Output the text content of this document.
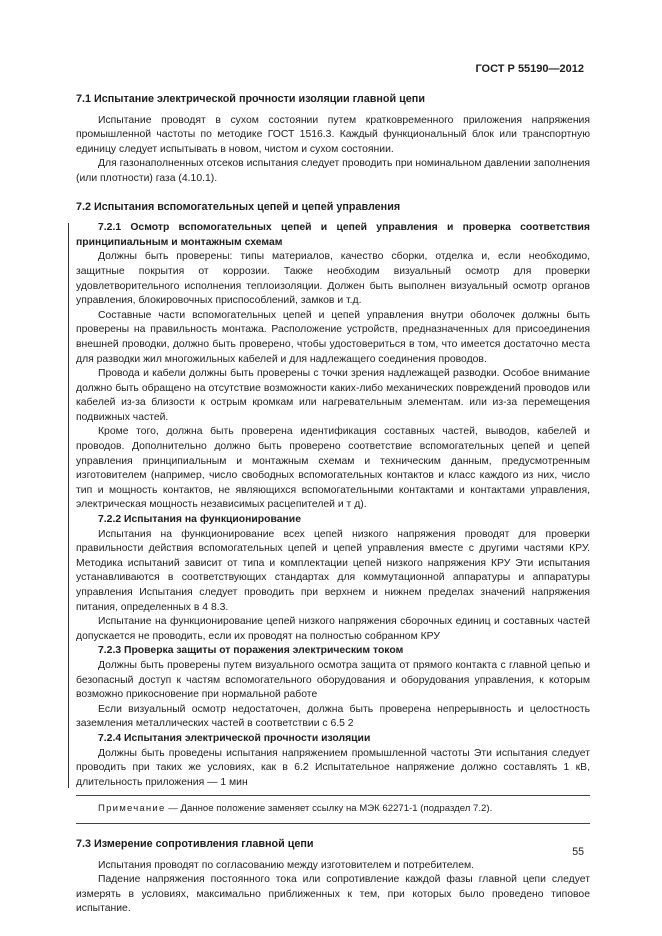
ГОСТ Р 55190—2012
7.1 Испытание электрической прочности изоляции главной цепи

Испытание проводят в сухом состоянии путем кратковременного приложения напряжения промышленной частоты по методике ГОСТ 1516.3. Каждый функциональный блок или транспортную единицу следует испытывать в новом, чистом и сухом состоянии.

Для газонаполненных отсеков испытания следует проводить при номинальном давлении заполнения (или плотности) газа (4.10.1).

7.2 Испытания вспомогательных цепей и цепей управления
7.2.1 Осмотр вспомогательных цепей и цепей управления и проверка соответствия принципиальным и монтажным схемам

Должны быть проверены: типы материалов, качество сборки, отделка и, если необходимо, защитные покрытия от коррозии. Также необходим визуальный осмотр для проверки удовлетворительного исполнения теплоизоляции. Должен быть выполнен визуальный осмотр органов управления, блокировочных приспособлений, замков и т.д.

Составные части вспомогательных цепей и цепей управления внутри оболочек должны быть проверены на правильность монтажа. Расположение устройств, предназначенных для присоединения внешней проводки, должно быть проверено, чтобы удостовериться в том, что имеется достаточно места для разводки жил многожильных кабелей и для надлежащего соединения проводов.

Провода и кабели должны быть проверены с точки зрения надлежащей разводки. Особое внимание должно быть обращено на отсутствие возможности каких-либо механических повреждений проводов или кабелей из-за близости к острым кромкам или нагревательным элементам. или из-за перемещения подвижных частей.

Кроме того, должна быть проверена идентификация составных частей, выводов, кабелей и проводов. Дополнительно должно быть проверено соответствие вспомогательных цепей и цепей управления принципиальным и монтажным схемам и техническим данным, предусмотренным изготовителем (например, число свободных вспомогательных контактов и класс каждого из них, число тип и мощность контактов, не являющихся вспомогательными контактами и контактами управления, электрическая мощность независимых расцепителей и т д).

7.2.2 Испытания на функционирование

Испытания на функционирование всех цепей низкого напряжения проводят для проверки правильности действия вспомогательных цепей и цепей управления вместе с другими частями КРУ. Методика испытаний зависит от типа и комплектации цепей низкого напряжения КРУ Эти испытания устанавливаются в соответствующих стандартах для коммутационной аппаратуры и аппаратуры управления Испытания следует проводить при верхнем и нижнем пределах значений напряжения питания, определенных в 4 8.3.

Испытание на функционирование цепей низкого напряжения сборочных единиц и составных частей допускается не проводить, если их проводят на полностью собранном КРУ

7.2.3 Проверка защиты от поражения электрическим током

Должны быть проверены путем визуального осмотра защита от прямого контакта с главной цепью и безопасный доступ к частям вспомогательного оборудования и оборудования управления, к которым возможно прикосновение при нормальной работе

Если визуальный осмотр недостаточен, должна быть проверена непрерывность и целостность заземления металлических частей в соответствии с 6.5 2

7.2.4 Испытания электрической прочности изоляции

Должны быть проведены испытания напряжением промышленной частоты Эти испытания следует проводить при таких же условиях, как в 6.2 Испытательное напряжение должно составлять 1 кВ, длительность приложения — 1 мин

Примечание — Данное положение заменяет ссылку на МЭК 62271-1 (подраздел 7.2).
7.3 Измерение сопротивления главной цепи

Испытания проводят по согласованию между изготовителем и потребителем.

Падение напряжения постоянного тока или сопротивление каждой фазы главной цепи следует измерять в условиях, максимально приближенных к тем, при которых было проведено типовое испытание.

55
